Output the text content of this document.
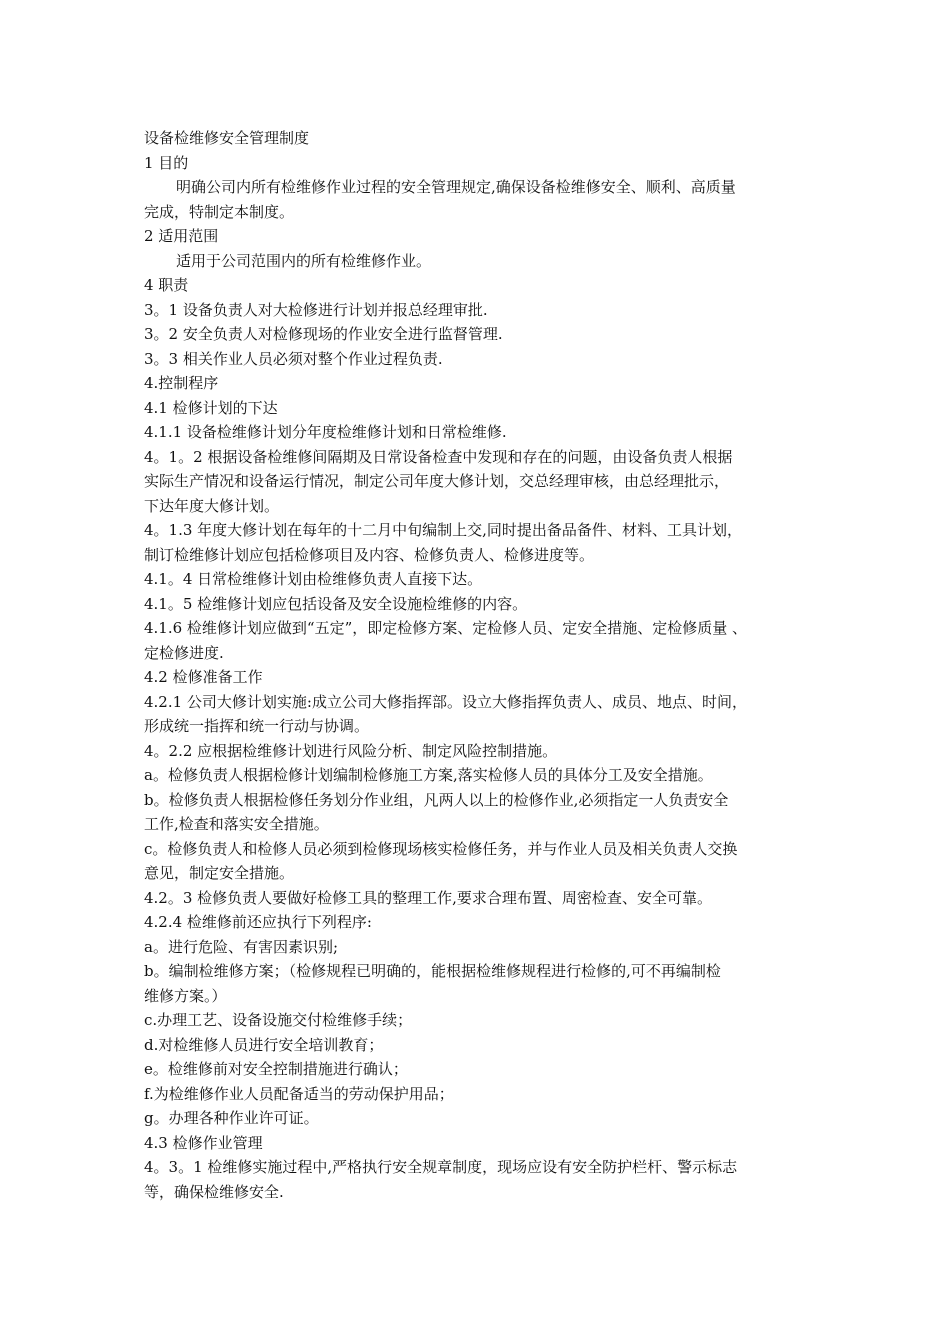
设备检维修安全管理制度

1 目的

明确公司内所有检维修作业过程的安全管理规定,确保设备检维修安全、顺利、高质量

完成，特制定本制度。

2 适用范围

适用于公司范围内的所有检维修作业。

4 职责

3。1 设备负责人对大检修进行计划并报总经理审批.

3。2 安全负责人对检修现场的作业安全进行监督管理.

3。3 相关作业人员必须对整个作业过程负责.

4.控制程序

4.1 检修计划的下达

4.1.1 设备检维修计划分年度检维修计划和日常检维修.

4。1。2 根据设备检维修间隔期及日常设备检查中发现和存在的问题，由设备负责人根据

实际生产情况和设备运行情况，制定公司年度大修计划，交总经理审核，由总经理批示，

下达年度大修计划。

4。1.3 年度大修计划在每年的十二月中旬编制上交,同时提出备品备件、材料、工具计划，

制订检维修计划应包括检修项目及内容、检修负责人、检修进度等。

4.1。4 日常检维修计划由检维修负责人直接下达。

4.1。5 检维修计划应包括设备及安全设施检维修的内容。

4.1.6 检维修计划应做到“五定”，即定检修方案、定检修人员、定安全措施、定检修质量 、

定检修进度.

4.2 检修准备工作

4.2.1 公司大修计划实施:成立公司大修指挥部。设立大修指挥负责人、成员、地点、时间，

形成统一指挥和统一行动与协调。

4。2.2 应根据检维修计划进行风险分析、制定风险控制措施。

a。检修负责人根据检修计划编制检修施工方案,落实检修人员的具体分工及安全措施。

b。检修负责人根据检修任务划分作业组，凡两人以上的检修作业,必须指定一人负责安全

工作,检查和落实安全措施。

c。检修负责人和检修人员必须到检修现场核实检修任务，并与作业人员及相关负责人交换

意见，制定安全措施。

4.2。3 检修负责人要做好检修工具的整理工作,要求合理布置、周密检查、安全可靠。

4.2.4 检维修前还应执行下列程序:

a。进行危险、有害因素识别;

b。编制检维修方案；（检修规程已明确的，能根据检维修规程进行检修的,可不再编制检

维修方案。）

c.办理工艺、设备设施交付检维修手续；

d.对检维修人员进行安全培训教育；

e。检维修前对安全控制措施进行确认；

f.为检维修作业人员配备适当的劳动保护用品；

g。办理各种作业许可证。

4.3 检修作业管理

4。3。1 检维修实施过程中,严格执行安全规章制度，现场应设有安全防护栏杆、警示标志

等，确保检维修安全.
